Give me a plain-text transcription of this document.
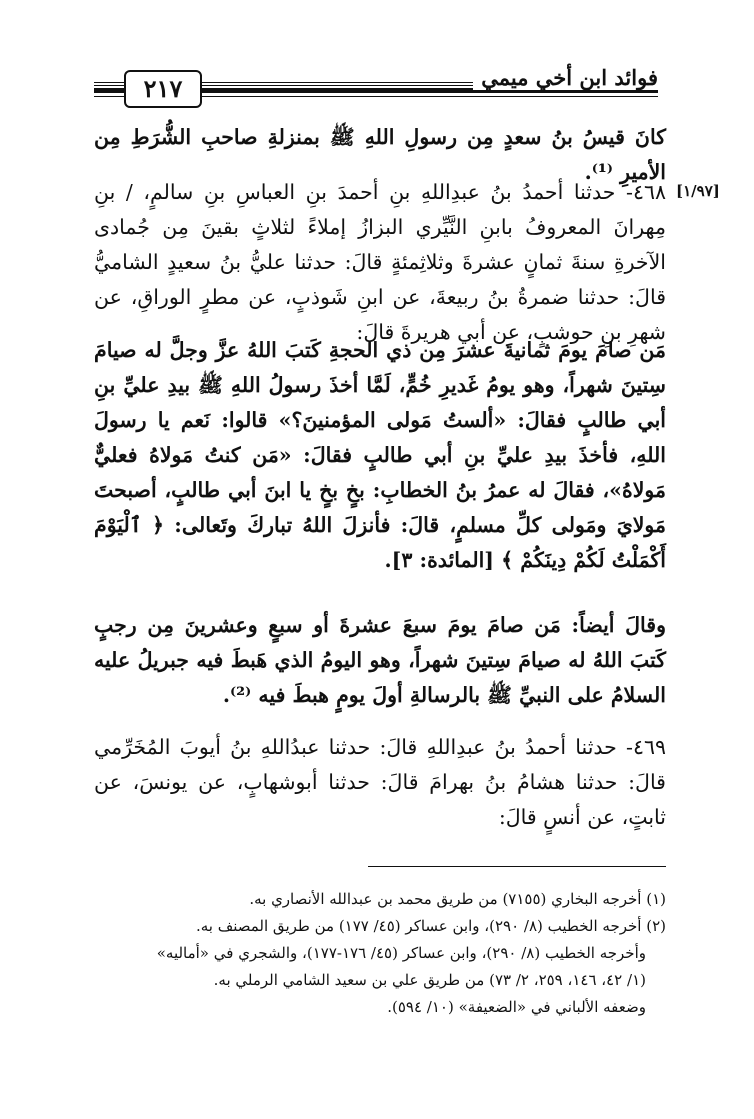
فوائد ابن أخي ميمي
٢١٧
[١/٩٧]
كانَ قيسُ بنُ سعدٍ مِن رسولِ اللهِ ﷺ بمنزلةِ صاحبِ الشُّرَطِ مِن الأميرِ ⁽¹⁾.
٤٦٨- حدثنا أحمدُ بنُ عبدِاللهِ بنِ أحمدَ بنِ العباسِ بنِ سالمٍ، / بنِ مِهرانَ المعروفُ بابنِ النَّيِّري البزازُ إملاءً لثلاثٍ بقينَ مِن جُمادى الآخرةِ سنةَ ثمانٍ عشرةَ وثلاثِمئةٍ قالَ: حدثنا عليُّ بنُ سعيدٍ الشاميُّ قالَ: حدثنا ضمرةُ بنُ ربيعةَ، عن ابنِ شَوذبٍ، عن مطرٍ الوراقِ، عن شهرِ بنِ حوشبٍ، عن أبي هريرةَ قالَ:
مَن صامَ يومَ ثمانيةَ عشرَ مِن ذي الحجةِ كَتبَ اللهُ عزَّ وجلَّ له صيامَ سِتينَ شهراً، وهو يومُ غَديرِ خُمٍّ، لَمَّا أخذَ رسولُ اللهِ ﷺ بيدِ عليِّ بنِ أبي طالبٍ فقالَ: «ألستُ مَولى المؤمنينَ؟» قالوا: نَعم يا رسولَ اللهِ، فأخذَ بيدِ عليِّ بنِ أبي طالبٍ فقالَ: «مَن كنتُ مَولاهُ فعليٌّ مَولاهُ»، فقالَ له عمرُ بنُ الخطابِ: بخٍ بخٍ يا ابنَ أبي طالبٍ، أصبحتَ مَولايَ ومَولى كلِّ مسلمٍ، قالَ: فأنزلَ اللهُ تباركَ وتَعالى: ﴿ ٱلْيَوْمَ أَكْمَلْتُ لَكُمْ دِينَكُمْ ﴾ [المائدة: ٣].
وقالَ أيضاً: مَن صامَ يومَ سبعَ عشرةَ أو سبعٍ وعشرينَ مِن رجبٍ كَتبَ اللهُ له صيامَ سِتينَ شهراً، وهو اليومُ الذي هَبطَ فيه جبريلُ عليه السلامُ على النبيِّ ﷺ بالرسالةِ أولَ يومٍ هبطَ فيه ⁽²⁾.
٤٦٩- حدثنا أحمدُ بنُ عبدِاللهِ قالَ: حدثنا عبدُاللهِ بنُ أيوبَ المُخَرِّمي قالَ: حدثنا هشامُ بنُ بهرامَ قالَ: حدثنا أبوشهابٍ، عن يونسَ، عن ثابتٍ، عن أنسٍ قالَ:
(١) أخرجه البخاري (٧١٥٥) من طريق محمد بن عبدالله الأنصاري به.
(٢) أخرجه الخطيب (٨/ ٢٩٠)، وابن عساكر (٤٥/ ١٧٧) من طريق المصنف به.
وأخرجه الخطيب (٨/ ٢٩٠)، وابن عساكر (٤٥/ ١٧٦-١٧٧)، والشجري في «أماليه»
(١/ ٤٢، ١٤٦، ٢٥٩، ٢/ ٧٣) من طريق علي بن سعيد الشامي الرملي به.
وضعفه الألباني في «الضعيفة» (١٠/ ٥٩٤).
